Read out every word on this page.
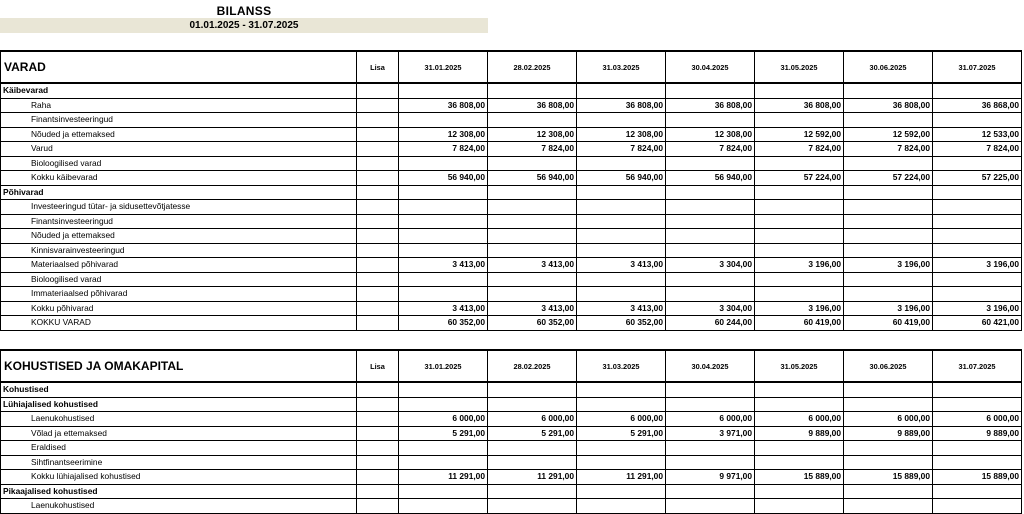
BILANSS
01.01.2025 - 31.07.2025
VARAD	Lisa	31.01.2025	28.02.2025	31.03.2025	30.04.2025	31.05.2025	30.06.2025	31.07.2025
Käibevarad								
Raha		36 808,00	36 808,00	36 808,00	36 808,00	36 808,00	36 808,00	36 868,00
Finantsinvesteeringud								
Nõuded ja ettemaksed		12 308,00	12 308,00	12 308,00	12 308,00	12 592,00	12 592,00	12 533,00
Varud		7 824,00	7 824,00	7 824,00	7 824,00	7 824,00	7 824,00	7 824,00
Bioloogilised varad								
Kokku käibevarad		56 940,00	56 940,00	56 940,00	56 940,00	57 224,00	57 224,00	57 225,00
Põhivarad								
Investeeringud tütar- ja sidusettevõtjatesse								
Finantsinvesteeringud								
Nõuded ja ettemaksed								
Kinnisvarainvesteeringud								
Materiaalsed põhivarad		3 413,00	3 413,00	3 413,00	3 304,00	3 196,00	3 196,00	3 196,00
Bioloogilised varad								
Immateriaalsed põhivarad								
Kokku põhivarad		3 413,00	3 413,00	3 413,00	3 304,00	3 196,00	3 196,00	3 196,00
KOKKU VARAD		60 352,00	60 352,00	60 352,00	60 244,00	60 419,00	60 419,00	60 421,00
KOHUSTISED JA OMAKAPITAL	Lisa	31.01.2025	28.02.2025	31.03.2025	30.04.2025	31.05.2025	30.06.2025	31.07.2025
Kohustised								
Lühiajalised kohustised								
Laenukohustised		6 000,00	6 000,00	6 000,00	6 000,00	6 000,00	6 000,00	6 000,00
Võlad ja ettemaksed		5 291,00	5 291,00	5 291,00	3 971,00	9 889,00	9 889,00	9 889,00
Eraldised								
Sihtfinantseerimine								
Kokku lühiajalised kohustised		11 291,00	11 291,00	11 291,00	9 971,00	15 889,00	15 889,00	15 889,00
Pikaajalised kohustised								
Laenukohustised								
